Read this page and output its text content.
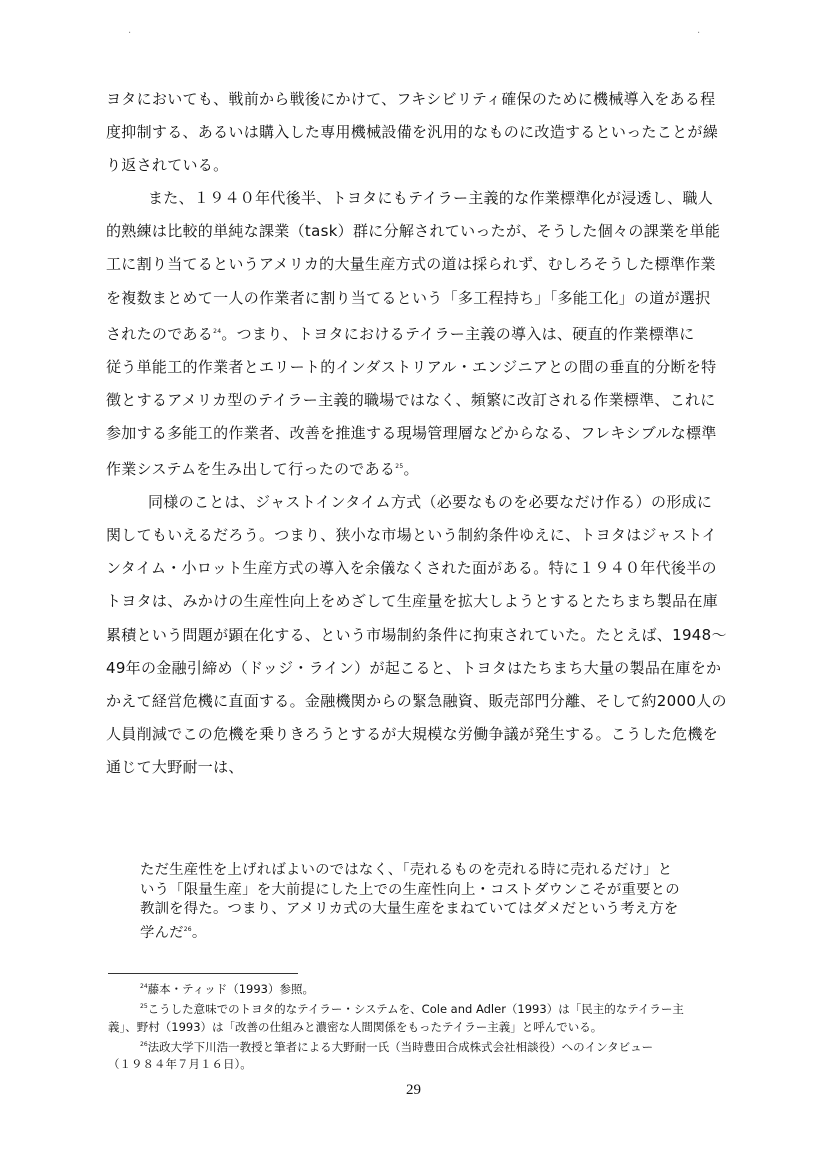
·	·
ヨタにおいても、戦前から戦後にかけて、フキシビリティ確保のために機械導入をある程
度抑制する、あるいは購入した専用機械設備を汎用的なものに改造するといったことが繰
り返されている。
また、１９４０年代後半、トヨタにもテイラー主義的な作業標準化が浸透し、職人
的熟練は比較的単純な課業（task）群に分解されていったが、そうした個々の課業を単能
工に割り当てるというアメリカ的大量生産方式の道は採られず、むしろそうした標準作業
を複数まとめて一人の作業者に割り当てるという「多工程持ち」「多能工化」の道が選択
されたのである$^{24}$。つまり、トヨタにおけるテイラー主義の導入は、硬直的作業標準に
従う単能工的作業者とエリート的インダストリアル・エンジニアとの間の垂直的分断を特
徴とするアメリカ型のテイラー主義的職場ではなく、頻繁に改訂される作業標準、これに
参加する多能工的作業者、改善を推進する現場管理層などからなる、フレキシブルな標準
作業システムを生み出して行ったのである$^{25}$。
同様のことは、ジャストインタイム方式（必要なものを必要なだけ作る）の形成に
関してもいえるだろう。つまり、狭小な市場という制約条件ゆえに、トヨタはジャストイ
ンタイム・小ロット生産方式の導入を余儀なくされた面がある。特に１９４０年代後半の
トヨタは、みかけの生産性向上をめざして生産量を拡大しようとするとたちまち製品在庫
累積という問題が顕在化する、という市場制約条件に拘束されていた。たとえば、1948～
49年の金融引締め（ドッジ・ライン）が起こると、トヨタはたちまち大量の製品在庫をか
かえて経営危機に直面する。金融機関からの緊急融資、販売部門分離、そして約2000人の
人員削減でこの危機を乗りきろうとするが大規模な労働争議が発生する。こうした危機を
通じて大野耐一は、
ただ生産性を上げればよいのではなく、「売れるものを売れる時に売れるだけ」と
いう「限量生産」を大前提にした上での生産性向上・コストダウンこそが重要との
教訓を得た。つまり、アメリカ式の大量生産をまねていてはダメだという考え方を
学んだ$^{26}$。
$^{24}$藤本・ティッド（1993）参照。
$^{25}$こうした意味でのトヨタ的なテイラー・システムを、Cole and Adler（1993）は「民主的なテイラー主
義」、野村（1993）は「改善の仕組みと濃密な人間関係をもったテイラー主義」と呼んでいる。
$^{26}$法政大学下川浩一教授と筆者による大野耐一氏（当時豊田合成株式会社相談役）へのインタビュー
（１９８４年７月１６日）。
29
